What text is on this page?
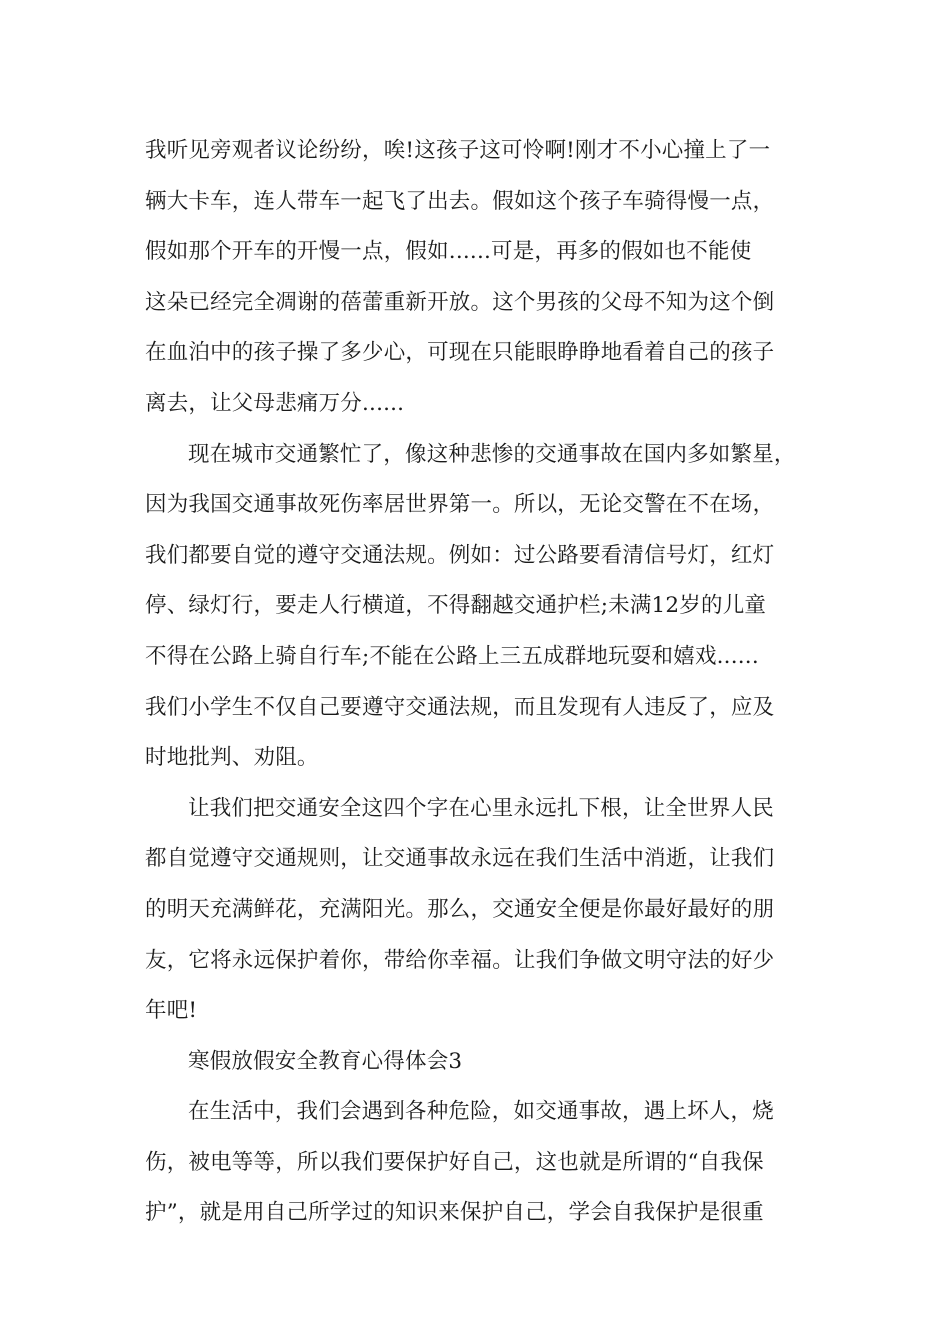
我听见旁观者议论纷纷，唉!这孩子这可怜啊!刚才不小心撞上了一
辆大卡车，连人带车一起飞了出去。假如这个孩子车骑得慢一点，
假如那个开车的开慢一点，假如......可是，再多的假如也不能使
这朵已经完全凋谢的蓓蕾重新开放。这个男孩的父母不知为这个倒
在血泊中的孩子操了多少心，可现在只能眼睁睁地看着自己的孩子
离去，让父母悲痛万分......
现在城市交通繁忙了，像这种悲惨的交通事故在国内多如繁星，
因为我国交通事故死伤率居世界第一。所以，无论交警在不在场，
我们都要自觉的遵守交通法规。例如：过公路要看清信号灯，红灯
停、绿灯行，要走人行横道，不得翻越交通护栏;未满12岁的儿童
不得在公路上骑自行车;不能在公路上三五成群地玩耍和嬉戏......
我们小学生不仅自己要遵守交通法规，而且发现有人违反了，应及
时地批判、劝阻。
让我们把交通安全这四个字在心里永远扎下根，让全世界人民
都自觉遵守交通规则，让交通事故永远在我们生活中消逝，让我们
的明天充满鲜花，充满阳光。那么，交通安全便是你最好最好的朋
友，它将永远保护着你，带给你幸福。让我们争做文明守法的好少
年吧!
寒假放假安全教育心得体会3
在生活中，我们会遇到各种危险，如交通事故，遇上坏人，烧
伤，被电等等，所以我们要保护好自己，这也就是所谓的“自我保
护”，就是用自己所学过的知识来保护自己，学会自我保护是很重
